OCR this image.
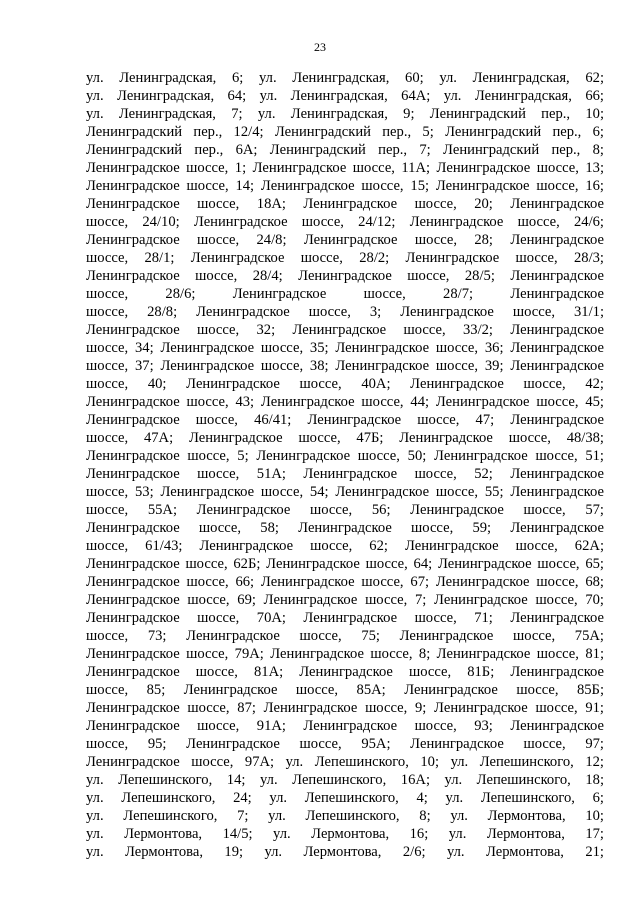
23
ул. Ленинградская, 6; ул. Ленинградская, 60; ул. Ленинградская, 62;
ул. Ленинградская, 64; ул. Ленинградская, 64А; ул. Ленинградская, 66;
ул. Ленинградская, 7; ул. Ленинградская, 9; Ленинградский пер., 10;
Ленинградский пер., 12/4; Ленинградский пер., 5; Ленинградский пер., 6;
Ленинградский пер., 6А; Ленинградский пер., 7; Ленинградский пер., 8;
Ленинградское шоссе, 1; Ленинградское шоссе, 11А; Ленинградское шоссе, 13;
Ленинградское шоссе, 14; Ленинградское шоссе, 15; Ленинградское шоссе, 16;
Ленинградское шоссе, 18А; Ленинградское шоссе, 20; Ленинградское
шоссе, 24/10; Ленинградское шоссе, 24/12; Ленинградское шоссе, 24/6;
Ленинградское шоссе, 24/8; Ленинградское шоссе, 28; Ленинградское
шоссе, 28/1; Ленинградское шоссе, 28/2; Ленинградское шоссе, 28/3;
Ленинградское шоссе, 28/4; Ленинградское шоссе, 28/5; Ленинградское
шоссе, 28/6; Ленинградское шоссе, 28/7; Ленинградское
шоссе, 28/8; Ленинградское шоссе, 3; Ленинградское шоссе, 31/1;
Ленинградское шоссе, 32; Ленинградское шоссе, 33/2; Ленинградское
шоссе, 34; Ленинградское шоссе, 35; Ленинградское шоссе, 36; Ленинградское
шоссе, 37; Ленинградское шоссе, 38; Ленинградское шоссе, 39; Ленинградское
шоссе, 40; Ленинградское шоссе, 40А; Ленинградское шоссе, 42;
Ленинградское шоссе, 43; Ленинградское шоссе, 44; Ленинградское шоссе, 45;
Ленинградское шоссе, 46/41; Ленинградское шоссе, 47; Ленинградское
шоссе, 47А; Ленинградское шоссе, 47Б; Ленинградское шоссе, 48/38;
Ленинградское шоссе, 5; Ленинградское шоссе, 50; Ленинградское шоссе, 51;
Ленинградское шоссе, 51А; Ленинградское шоссе, 52; Ленинградское
шоссе, 53; Ленинградское шоссе, 54; Ленинградское шоссе, 55; Ленинградское
шоссе, 55А; Ленинградское шоссе, 56; Ленинградское шоссе, 57;
Ленинградское шоссе, 58; Ленинградское шоссе, 59; Ленинградское
шоссе, 61/43; Ленинградское шоссе, 62; Ленинградское шоссе, 62А;
Ленинградское шоссе, 62Б; Ленинградское шоссе, 64; Ленинградское шоссе, 65;
Ленинградское шоссе, 66; Ленинградское шоссе, 67; Ленинградское шоссе, 68;
Ленинградское шоссе, 69; Ленинградское шоссе, 7; Ленинградское шоссе, 70;
Ленинградское шоссе, 70А; Ленинградское шоссе, 71; Ленинградское
шоссе, 73; Ленинградское шоссе, 75; Ленинградское шоссе, 75А;
Ленинградское шоссе, 79А; Ленинградское шоссе, 8; Ленинградское шоссе, 81;
Ленинградское шоссе, 81А; Ленинградское шоссе, 81Б; Ленинградское
шоссе, 85; Ленинградское шоссе, 85А; Ленинградское шоссе, 85Б;
Ленинградское шоссе, 87; Ленинградское шоссе, 9; Ленинградское шоссе, 91;
Ленинградское шоссе, 91А; Ленинградское шоссе, 93; Ленинградское
шоссе, 95; Ленинградское шоссе, 95А; Ленинградское шоссе, 97;
Ленинградское шоссе, 97А; ул. Лепешинского, 10; ул. Лепешинского, 12;
ул. Лепешинского, 14; ул. Лепешинского, 16А; ул. Лепешинского, 18;
ул. Лепешинского, 24; ул. Лепешинского, 4; ул. Лепешинского, 6;
ул. Лепешинского, 7; ул. Лепешинского, 8; ул. Лермонтова, 10;
ул. Лермонтова, 14/5; ул. Лермонтова, 16; ул. Лермонтова, 17;
ул. Лермонтова, 19; ул. Лермонтова, 2/6; ул. Лермонтова, 21;
